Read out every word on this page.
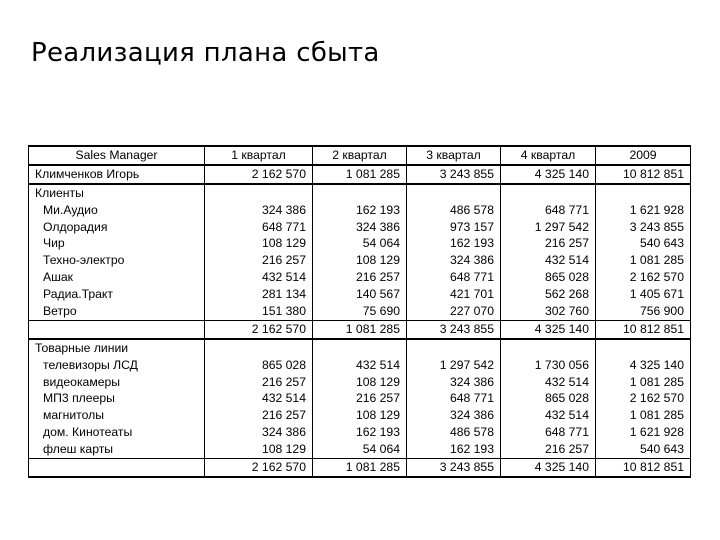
Реализация плана сбыта
Sales Manager	1 квартал	2 квартал	3 квартал	4 квартал	2009
Климченков Игорь	2 162 570	1 081 285	3 243 855	4 325 140	10 812 851
Клиенты					
Ми.Аудио	324 386	162 193	486 578	648 771	1 621 928
Олдорадия	648 771	324 386	973 157	1 297 542	3 243 855
Чир	108 129	54 064	162 193	216 257	540 643
Техно-электро	216 257	108 129	324 386	432 514	1 081 285
Ашак	432 514	216 257	648 771	865 028	2 162 570
Радиа.Тракт	281 134	140 567	421 701	562 268	1 405 671
Ветро	151 380	75 690	227 070	302 760	756 900
	2 162 570	1 081 285	3 243 855	4 325 140	10 812 851
Товарные линии					
телевизоры ЛСД	865 028	432 514	1 297 542	1 730 056	4 325 140
видеокамеры	216 257	108 129	324 386	432 514	1 081 285
МП3 плееры	432 514	216 257	648 771	865 028	2 162 570
магнитолы	216 257	108 129	324 386	432 514	1 081 285
дом. Кинотеаты	324 386	162 193	486 578	648 771	1 621 928
флеш карты	108 129	54 064	162 193	216 257	540 643
	2 162 570	1 081 285	3 243 855	4 325 140	10 812 851
